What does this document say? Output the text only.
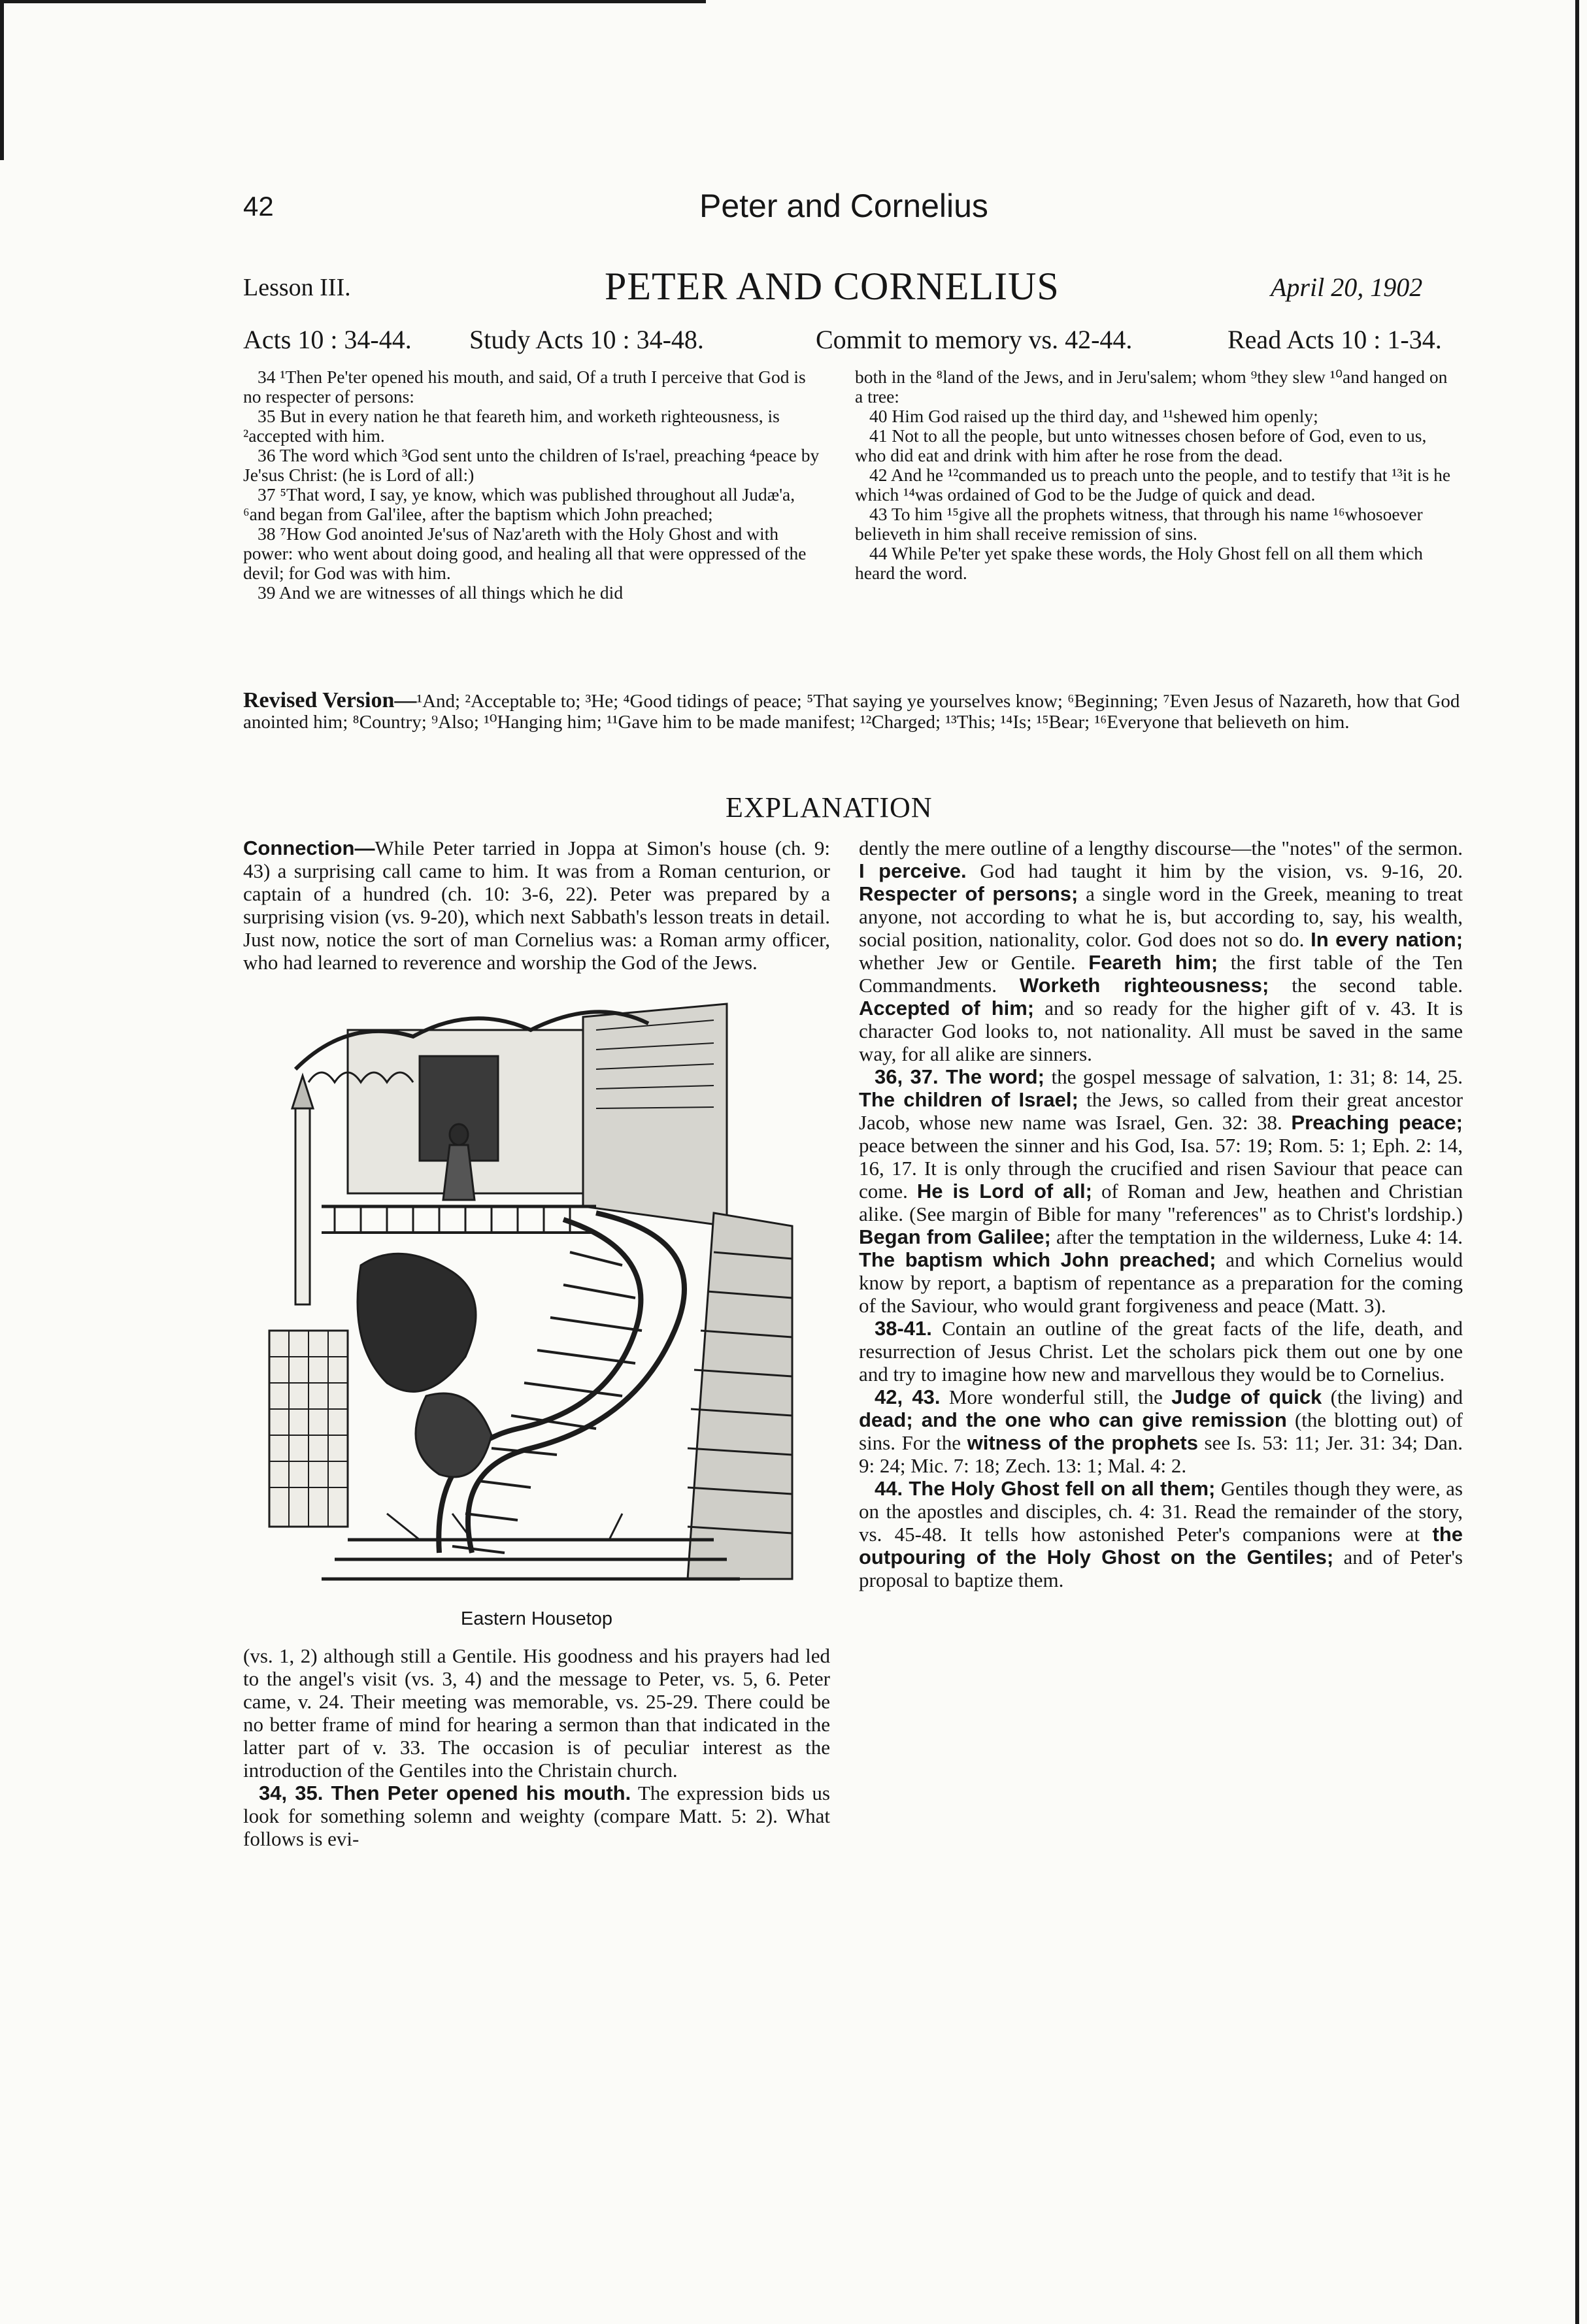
42	Peter and Cornelius
Lesson III.	PETER AND CORNELIUS	April 20, 1902
Acts 10 : 34-44. Study Acts 10 : 34-48.	Commit to memory vs. 42-44.	Read Acts 10 : 1-34.

34 ¹Then Pe'ter opened his mouth, and said, Of a truth I perceive that God is no respecter of persons:

35 But in every nation he that feareth him, and worketh righteousness, is ²accepted with him.

36 The word which ³God sent unto the children of Is'rael, preaching ⁴peace by Je'sus Christ: (he is Lord of all:)

37 ⁵That word, I say, ye know, which was published throughout all Judæ'a, ⁶and began from Gal'ilee, after the baptism which John preached;

38 ⁷How God anointed Je'sus of Naz'areth with the Holy Ghost and with power: who went about doing good, and healing all that were oppressed of the devil; for God was with him.

39 And we are witnesses of all things which he did

both in the ⁸land of the Jews, and in Jeru'salem; whom ⁹they slew ¹⁰and hanged on a tree:

40 Him God raised up the third day, and ¹¹shewed him openly;

41 Not to all the people, but unto witnesses chosen before of God, even to us, who did eat and drink with him after he rose from the dead.

42 And he ¹²commanded us to preach unto the people, and to testify that ¹³it is he which ¹⁴was ordained of God to be the Judge of quick and dead.

43 To him ¹⁵give all the prophets witness, that through his name ¹⁶whosoever believeth in him shall receive remission of sins.

44 While Pe'ter yet spake these words, the Holy Ghost fell on all them which heard the word.

Revised Version—¹And; ²Acceptable to; ³He; ⁴Good tidings of peace; ⁵That saying ye yourselves know; ⁶Beginning; ⁷Even Jesus of Nazareth, how that God anointed him; ⁸Country; ⁹Also; ¹⁰Hanging him; ¹¹Gave him to be made manifest; ¹²Charged; ¹³This; ¹⁴Is; ¹⁵Bear; ¹⁶Everyone that believeth on him.
EXPLANATION

Connection—While Peter tarried in Joppa at Simon's house (ch. 9: 43) a surprising call came to him. It was from a Roman centurion, or captain of a hundred (ch. 10: 3-6, 22). Peter was prepared by a surprising vision (vs. 9-20), which next Sabbath's lesson treats in detail. Just now, notice the sort of man Cornelius was: a Roman army officer, who had learned to reverence and worship the God of the Jews.

Eastern Housetop

(vs. 1, 2) although still a Gentile. His goodness and his prayers had led to the angel's visit (vs. 3, 4) and the message to Peter, vs. 5, 6. Peter came, v. 24. Their meeting was memorable, vs. 25-29. There could be no better frame of mind for hearing a sermon than that indicated in the latter part of v. 33. The occasion is of peculiar interest as the introduction of the Gentiles into the Christain church.

34, 35. Then Peter opened his mouth. The expression bids us look for something solemn and weighty (compare Matt. 5: 2). What follows is evi-

dently the mere outline of a lengthy discourse—the "notes" of the sermon. I perceive. God had taught it him by the vision, vs. 9-16, 20. Respecter of persons; a single word in the Greek, meaning to treat anyone, not according to what he is, but according to, say, his wealth, social position, nationality, color. God does not so do. In every nation; whether Jew or Gentile. Feareth him; the first table of the Ten Commandments. Worketh righteousness; the second table. Accepted of him; and so ready for the higher gift of v. 43. It is character God looks to, not nationality. All must be saved in the same way, for all alike are sinners.

36, 37. The word; the gospel message of salvation, 1: 31; 8: 14, 25. The children of Israel; the Jews, so called from their great ancestor Jacob, whose new name was Israel, Gen. 32: 38. Preaching peace; peace between the sinner and his God, Isa. 57: 19; Rom. 5: 1; Eph. 2: 14, 16, 17. It is only through the crucified and risen Saviour that peace can come. He is Lord of all; of Roman and Jew, heathen and Christian alike. (See margin of Bible for many "references" as to Christ's lordship.) Began from Galilee; after the temptation in the wilderness, Luke 4: 14. The baptism which John preached; and which Cornelius would know by report, a baptism of repentance as a preparation for the coming of the Saviour, who would grant forgiveness and peace (Matt. 3).

38-41. Contain an outline of the great facts of the life, death, and resurrection of Jesus Christ. Let the scholars pick them out one by one and try to imagine how new and marvellous they would be to Cornelius.

42, 43. More wonderful still, the Judge of quick (the living) and dead; and the one who can give remission (the blotting out) of sins. For the witness of the prophets see Is. 53: 11; Jer. 31: 34; Dan. 9: 24; Mic. 7: 18; Zech. 13: 1; Mal. 4: 2.

44. The Holy Ghost fell on all them; Gentiles though they were, as on the apostles and disciples, ch. 4: 31. Read the remainder of the story, vs. 45-48. It tells how astonished Peter's companions were at the outpouring of the Holy Ghost on the Gentiles; and of Peter's proposal to baptize them.
